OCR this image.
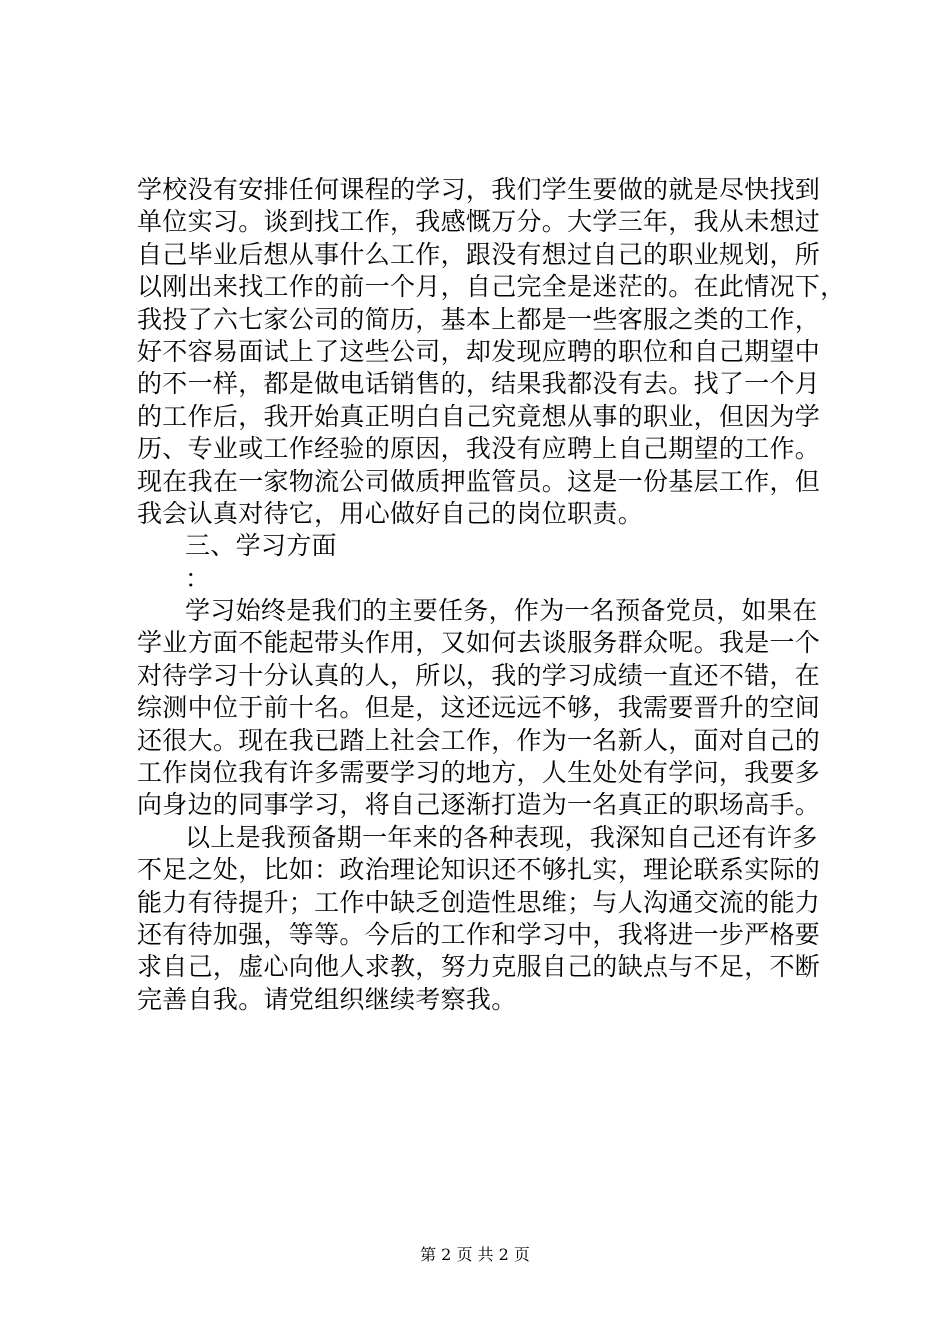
学校没有安排任何课程的学习，我们学生要做的就是尽快找到
单位实习。谈到找工作，我感慨万分。大学三年，我从未想过
自己毕业后想从事什么工作，跟没有想过自己的职业规划，所
以刚出来找工作的前一个月，自己完全是迷茫的。在此情况下，
我投了六七家公司的简历，基本上都是一些客服之类的工作，
好不容易面试上了这些公司，却发现应聘的职位和自己期望中
的不一样，都是做电话销售的，结果我都没有去。找了一个月
的工作后，我开始真正明白自己究竟想从事的职业，但因为学
历、专业或工作经验的原因，我没有应聘上自己期望的工作。
现在我在一家物流公司做质押监管员。这是一份基层工作，但
我会认真对待它，用心做好自己的岗位职责。
三、学习方面
：
学习始终是我们的主要任务，作为一名预备党员，如果在
学业方面不能起带头作用，又如何去谈服务群众呢。我是一个
对待学习十分认真的人，所以，我的学习成绩一直还不错，在
综测中位于前十名。但是，这还远远不够，我需要晋升的空间
还很大。现在我已踏上社会工作，作为一名新人，面对自己的
工作岗位我有许多需要学习的地方，人生处处有学问，我要多
向身边的同事学习，将自己逐渐打造为一名真正的职场高手。
以上是我预备期一年来的各种表现，我深知自己还有许多
不足之处，比如：政治理论知识还不够扎实，理论联系实际的
能力有待提升；工作中缺乏创造性思维；与人沟通交流的能力
还有待加强，等等。今后的工作和学习中，我将进一步严格要
求自己，虚心向他人求教，努力克服自己的缺点与不足，不断
完善自我。请党组织继续考察我。
第 2 页 共 2 页
